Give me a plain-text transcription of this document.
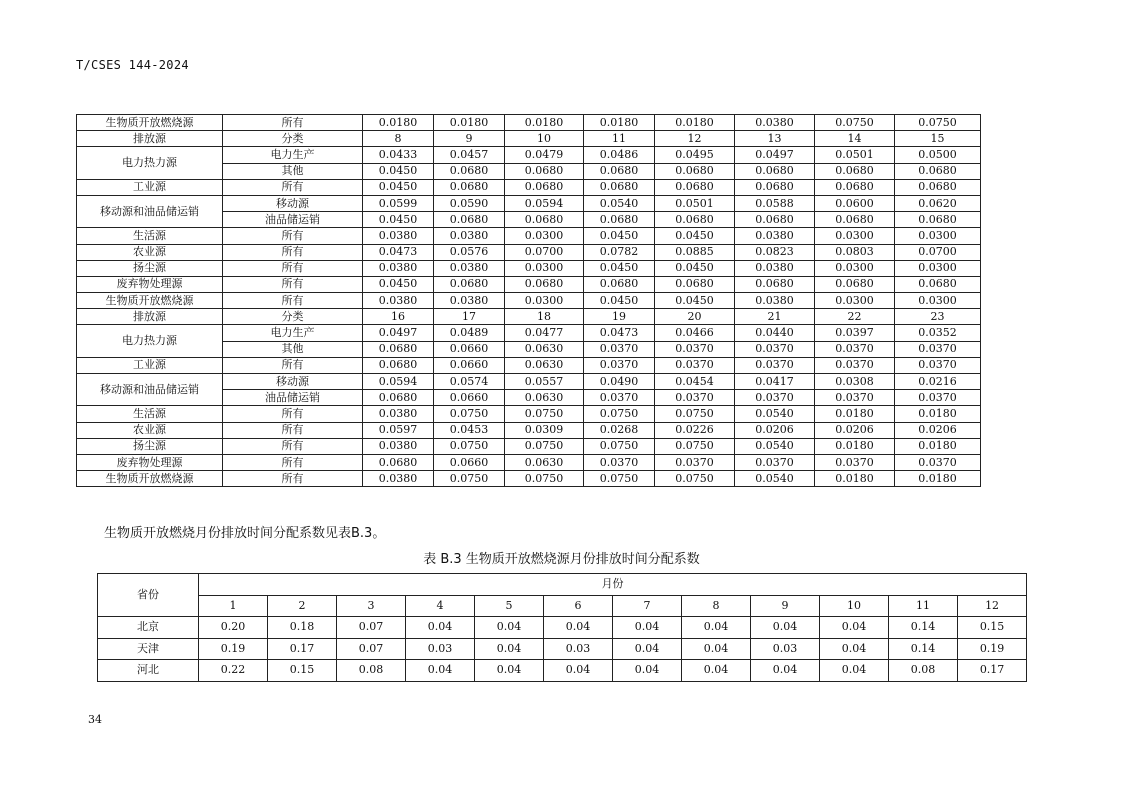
T/CSES 144-2024
生物质开放燃烧源	所有	0.0180	0.0180	0.0180	0.0180	0.0180	0.0380	0.0750	0.0750
排放源	分类	8	9	10	11	12	13	14	15
电力热力源	电力生产	0.0433	0.0457	0.0479	0.0486	0.0495	0.0497	0.0501	0.0500
	其他	0.0450	0.0680	0.0680	0.0680	0.0680	0.0680	0.0680	0.0680
工业源	所有	0.0450	0.0680	0.0680	0.0680	0.0680	0.0680	0.0680	0.0680
移动源和油品储运销	移动源	0.0599	0.0590	0.0594	0.0540	0.0501	0.0588	0.0600	0.0620
	油品储运销	0.0450	0.0680	0.0680	0.0680	0.0680	0.0680	0.0680	0.0680
生活源	所有	0.0380	0.0380	0.0300	0.0450	0.0450	0.0380	0.0300	0.0300
农业源	所有	0.0473	0.0576	0.0700	0.0782	0.0885	0.0823	0.0803	0.0700
扬尘源	所有	0.0380	0.0380	0.0300	0.0450	0.0450	0.0380	0.0300	0.0300
废弃物处理源	所有	0.0450	0.0680	0.0680	0.0680	0.0680	0.0680	0.0680	0.0680
生物质开放燃烧源	所有	0.0380	0.0380	0.0300	0.0450	0.0450	0.0380	0.0300	0.0300
排放源	分类	16	17	18	19	20	21	22	23
电力热力源	电力生产	0.0497	0.0489	0.0477	0.0473	0.0466	0.0440	0.0397	0.0352
	其他	0.0680	0.0660	0.0630	0.0370	0.0370	0.0370	0.0370	0.0370
工业源	所有	0.0680	0.0660	0.0630	0.0370	0.0370	0.0370	0.0370	0.0370
移动源和油品储运销	移动源	0.0594	0.0574	0.0557	0.0490	0.0454	0.0417	0.0308	0.0216
	油品储运销	0.0680	0.0660	0.0630	0.0370	0.0370	0.0370	0.0370	0.0370
生活源	所有	0.0380	0.0750	0.0750	0.0750	0.0750	0.0540	0.0180	0.0180
农业源	所有	0.0597	0.0453	0.0309	0.0268	0.0226	0.0206	0.0206	0.0206
扬尘源	所有	0.0380	0.0750	0.0750	0.0750	0.0750	0.0540	0.0180	0.0180
废弃物处理源	所有	0.0680	0.0660	0.0630	0.0370	0.0370	0.0370	0.0370	0.0370
生物质开放燃烧源	所有	0.0380	0.0750	0.0750	0.0750	0.0750	0.0540	0.0180	0.0180
生物质开放燃烧月份排放时间分配系数见表B.3。
表 B.3 生物质开放燃烧源月份排放时间分配系数
省份	月份											
	1	2	3	4	5	6	7	8	9	10	11	12
北京	0.20	0.18	0.07	0.04	0.04	0.04	0.04	0.04	0.04	0.04	0.14	0.15
天津	0.19	0.17	0.07	0.03	0.04	0.03	0.04	0.04	0.03	0.04	0.14	0.19
河北	0.22	0.15	0.08	0.04	0.04	0.04	0.04	0.04	0.04	0.04	0.08	0.17
34
